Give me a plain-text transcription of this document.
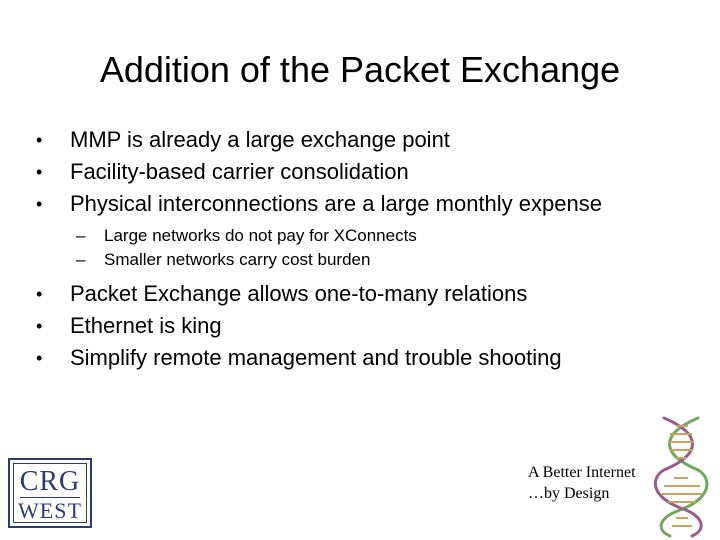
Addition of the Packet Exchange
• MMP is already a large exchange point
• Facility-based carrier consolidation
• Physical interconnections are a large monthly expense
– Large networks do not pay for XConnects
– Smaller networks carry cost burden
• Packet Exchange allows one-to-many relations
• Ethernet is king
• Simplify remote management and trouble shooting
CRG
WEST
A Better Internet
…by Design
